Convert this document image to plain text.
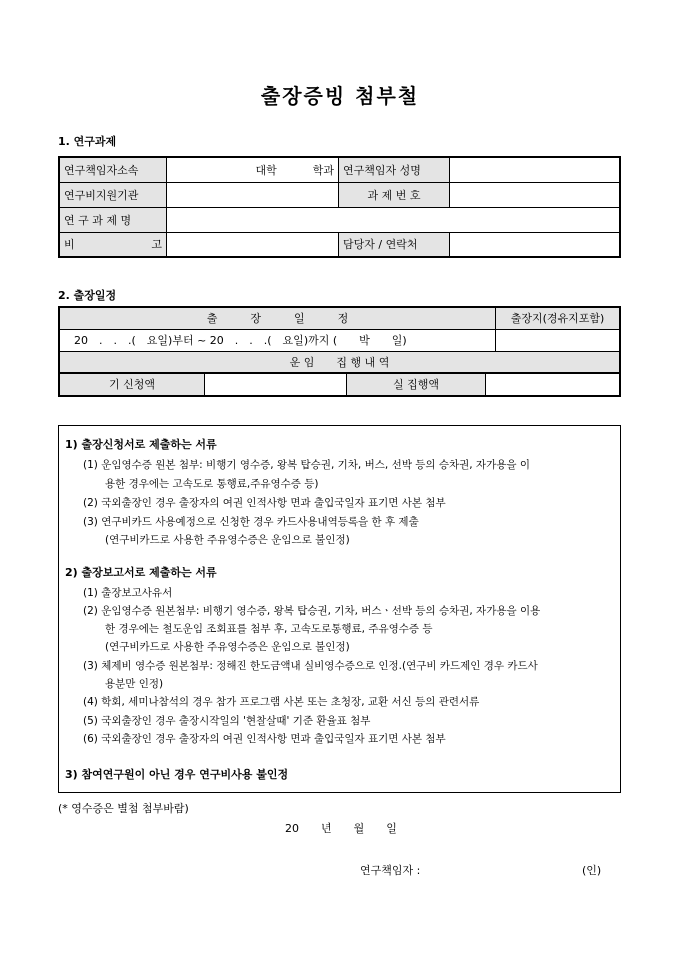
출장증빙 첨부철
1. 연구과제
연구책임자소속	대학 학과	연구책임자 성명	
연구비지원기관		과 제 번 호	
연 구 과 제 명			
비 고		담당자 / 연락처	
2. 출장일정
출　　　장　　　일　　　정	출장지(경유지포함)
20　.　.　.(　요일)부터 ~ 20　.　.　.(　요일)까지 (　　박　　일)	
운 임　　집 행 내 역	
기 신청액		실 집행액	
1) 출장신청서로 제출하는 서류
(1) 운임영수증 원본 첨부: 비행기 영수증, 왕복 탑승권, 기차, 버스, 선박 등의 승차권, 자가용을 이
용한 경우에는 고속도로 통행료,주유영수증 등)
(2) 국외출장인 경우 출장자의 여권 인적사항 면과 출입국일자 표기면 사본 첨부
(3) 연구비카드 사용예정으로 신청한 경우 카드사용내역등록을 한 후 제출
(연구비카드로 사용한 주유영수증은 운임으로 불인정)
2) 출장보고서로 제출하는 서류
(1) 출장보고사유서
(2) 운임영수증 원본첨부: 비행기 영수증, 왕복 탑승권, 기차, 버스ㆍ선박 등의 승차권, 자가용을 이용
한 경우에는 철도운임 조회표를 첨부 후, 고속도로통행료, 주유영수증 등
(연구비카드로 사용한 주유영수증은 운임으로 불인정)
(3) 체제비 영수증 원본첨부: 정해진 한도금액내 실비영수증으로 인정.(연구비 카드제인 경우 카드사
용분만 인정)
(4) 학회, 세미나참석의 경우 참가 프로그램 사본 또는 초청장, 교환 서신 등의 관련서류
(5) 국외출장인 경우 출장시작일의 '현찰살때' 기준 환율표 첨부
(6) 국외출장인 경우 출장자의 여권 인적사항 면과 출입국일자 표기면 사본 첨부
3) 참여연구원이 아닌 경우 연구비사용 불인정
(* 영수증은 별첨 첨부바람)
20　　년　　월　　일
연구책임자 :	(인)
